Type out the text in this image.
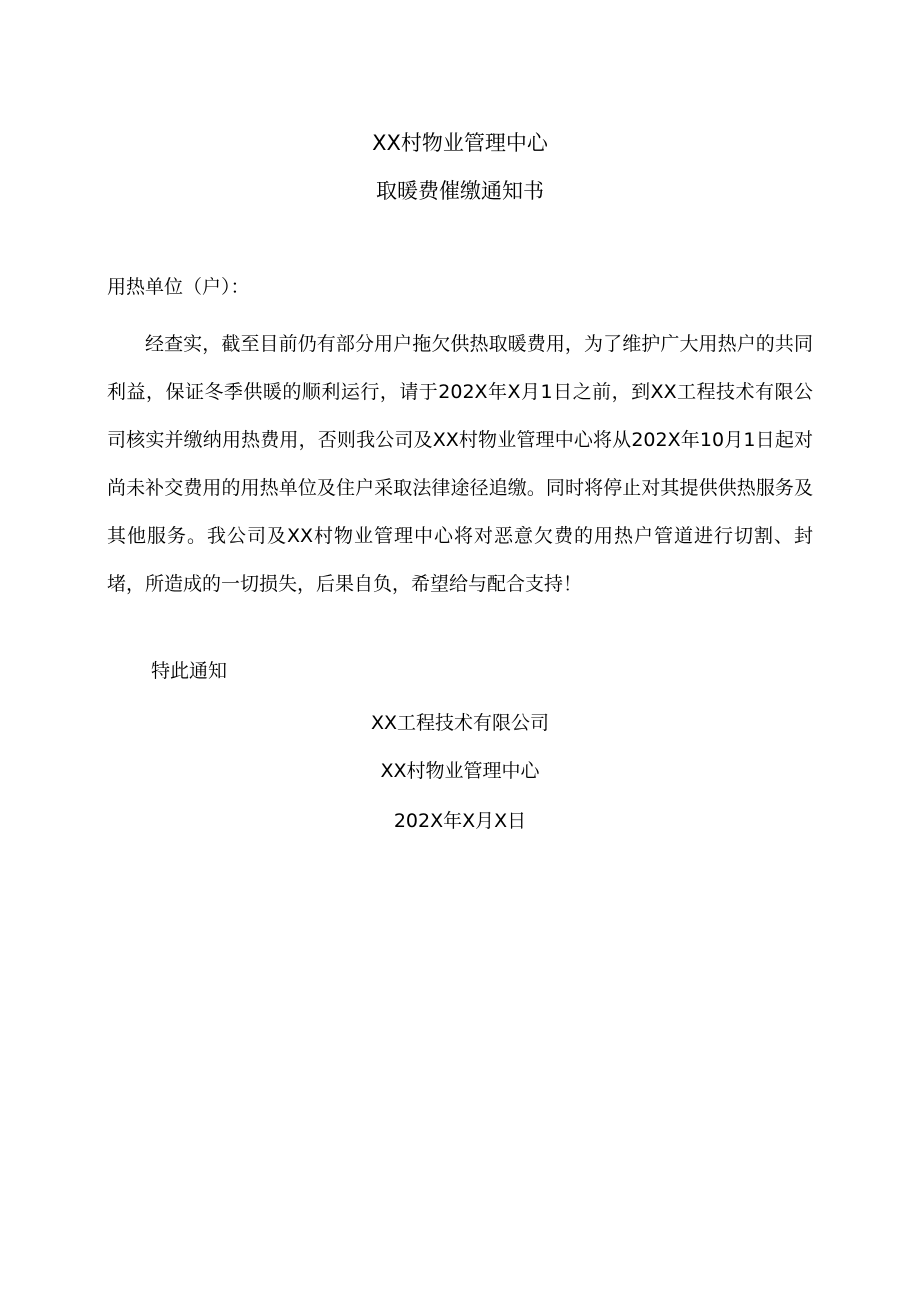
XX村物业管理中心
取暖费催缴通知书
用热单位（户）：

经查实，截至目前仍有部分用户拖欠供热取暖费用，为了维护广大用热户的共同利益，保证冬季供暖的顺利运行，请于202X年X月1日之前，到XX工程技术有限公司核实并缴纳用热费用，否则我公司及XX村物业管理中心将从202X年10月1日起对尚未补交费用的用热单位及住户采取法律途径追缴。同时将停止对其提供供热服务及其他服务。我公司及XX村物业管理中心将对恶意欠费的用热户管道进行切割、封堵，所造成的一切损失，后果自负，希望给与配合支持！

特此通知
XX工程技术有限公司
XX村物业管理中心
202X年X月X日
